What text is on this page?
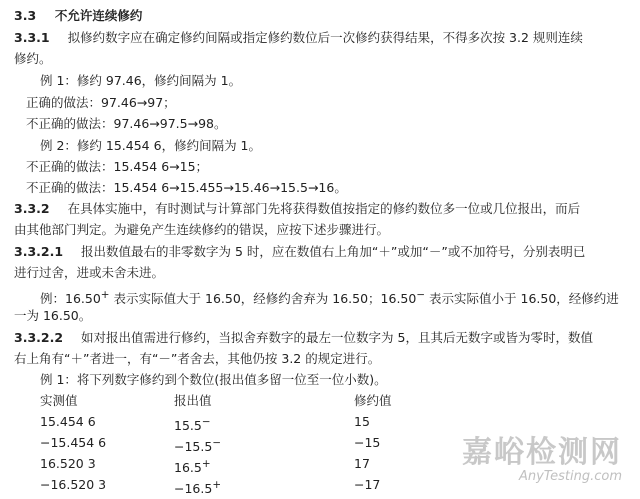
3.3 不允许连续修约
3.3.1 拟修约数字应在确定修约间隔或指定修约数位后一次修约获得结果，不得多次按 3.2 规则连续
修约。
例 1：修约 97.46，修约间隔为 1。
正确的做法：97.46→97；
不正确的做法：97.46→97.5→98。
例 2：修约 15.454 6，修约间隔为 1。
不正确的做法：15.454 6→15；
不正确的做法：15.454 6→15.455→15.46→15.5→16。
3.3.2 在具体实施中，有时测试与计算部门先将获得数值按指定的修约数位多一位或几位报出，而后
由其他部门判定。为避免产生连续修约的错误，应按下述步骤进行。
3.3.2.1 报出数值最右的非零数字为 5 时，应在数值右上角加“＋”或加“－”或不加符号，分别表明已
进行过舍，进或未舍未进。
例：16.50+ 表示实际值大于 16.50，经修约舍弃为 16.50；16.50− 表示实际值小于 16.50，经修约进
一为 16.50。
3.3.2.2 如对报出值需进行修约，当拟舍弃数字的最左一位数字为 5，且其后无数字或皆为零时，数值
右上角有“＋”者进一，有“－”者舍去，其他仍按 3.2 的规定进行。
例 1：将下列数字修约到个数位(报出值多留一位至一位小数)。
实测值	报出值	修约值
15.454 6	15.5−	15
−15.454 6	−15.5−	−15
16.520 3	16.5+	17
−16.520 3	−16.5+	−17
嘉峪检测网
AnyTesting.com
